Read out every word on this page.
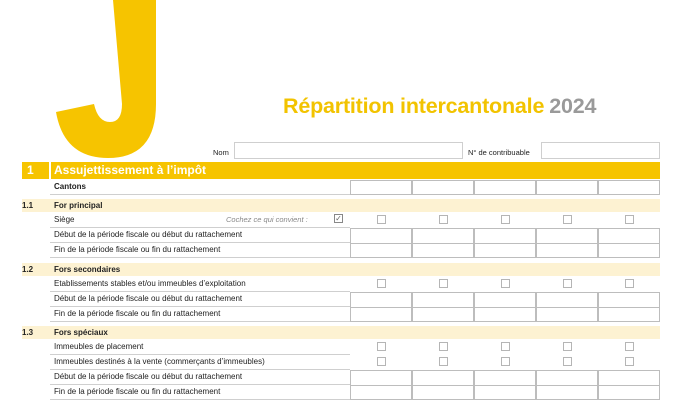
Répartition intercantonale 2024
Nom	N° de contribuable
1 Assujettissement à l’impôt
Cantons
1.1	For principal
Siège	Cochez ce qui convient :	✓
Début de la période fiscale ou début du rattachement
Fin de la période fiscale ou fin du rattachement
1.2	Fors secondaires
Etablissements stables et/ou immeubles d’exploitation
Début de la période fiscale ou début du rattachement
Fin de la période fiscale ou fin du rattachement
1.3	Fors spéciaux
Immeubles de placement
Immeubles destinés à la vente (commerçants d’immeubles)
Début de la période fiscale ou début du rattachement
Fin de la période fiscale ou fin du rattachement
